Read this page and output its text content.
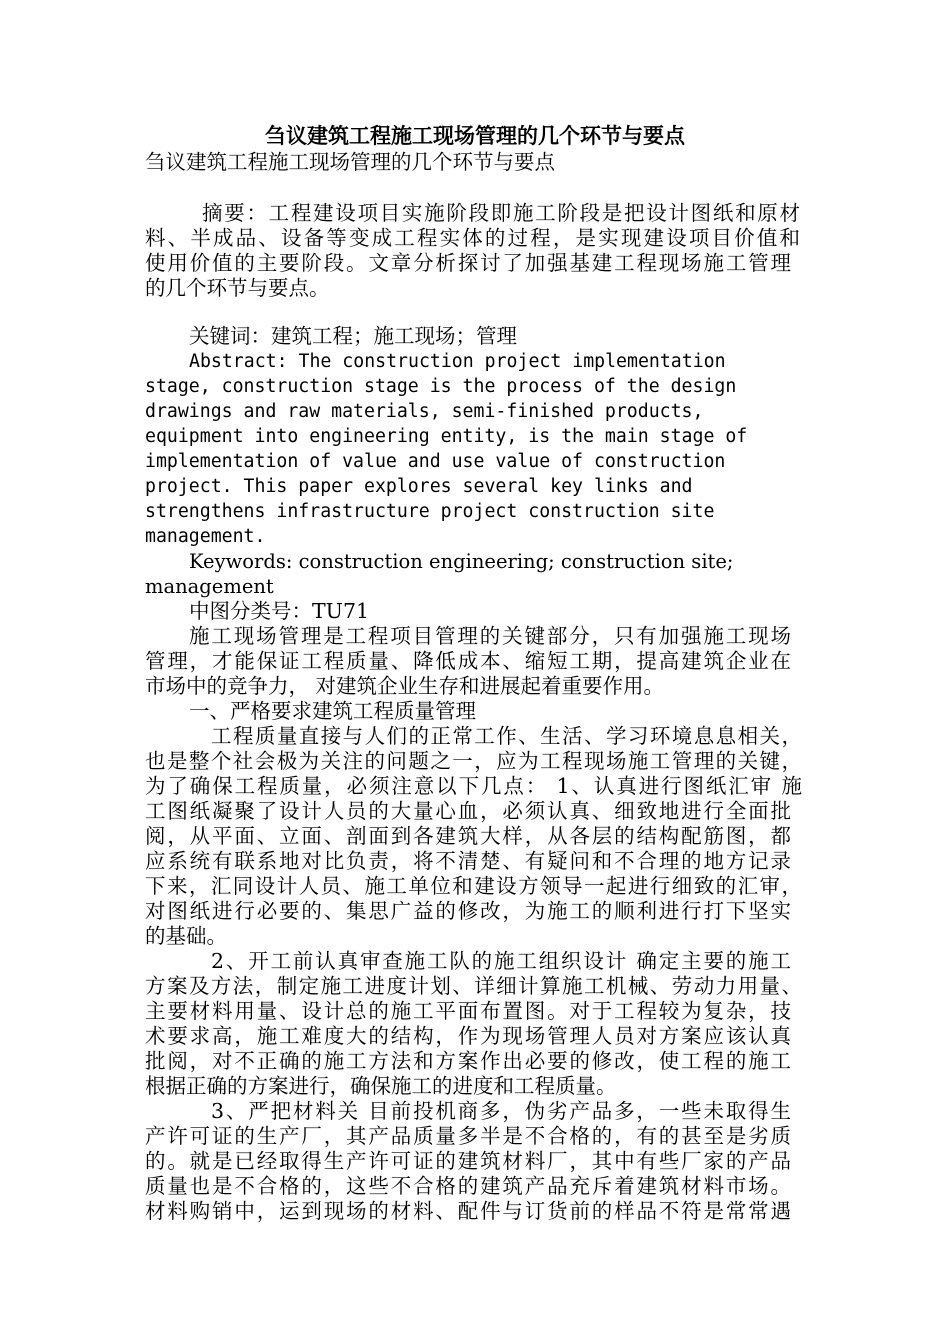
刍议建筑工程施工现场管理的几个环节与要点
刍议建筑工程施工现场管理的几个环节与要点
摘要：工程建设项目实施阶段即施工阶段是把设计图纸和原材
料、半成品、设备等变成工程实体的过程，是实现建设项目价值和
使用价值的主要阶段。文章分析探讨了加强基建工程现场施工管理
的几个环节与要点。
关键词：建筑工程；施工现场；管理
Abstract: The construction project implementation
stage, construction stage is the process of the design
drawings and raw materials, semi-finished products,
equipment into engineering entity, is the main stage of
implementation of value and use value of construction
project. This paper explores several key links and
strengthens infrastructure project construction site
management.
Keywords: construction engineering; construction site;
management
中图分类号：TU71
施工现场管理是工程项目管理的关键部分，只有加强施工现场
管理，才能保证工程质量、降低成本、缩短工期，提高建筑企业在
市场中的竞争力， 对建筑企业生存和进展起着重要作用。
一、严格要求建筑工程质量管理
工程质量直接与人们的正常工作、生活、学习环境息息相关，
也是整个社会极为关注的问题之一，应为工程现场施工管理的关键，
为了确保工程质量，必须注意以下几点： 1、认真进行图纸汇审 施
工图纸凝聚了设计人员的大量心血，必须认真、细致地进行全面批
阅，从平面、立面、剖面到各建筑大样，从各层的结构配筋图，都
应系统有联系地对比负责，将不清楚、有疑问和不合理的地方记录
下来，汇同设计人员、施工单位和建设方领导一起进行细致的汇审，
对图纸进行必要的、集思广益的修改，为施工的顺利进行打下坚实
的基础。
2、开工前认真审查施工队的施工组织设计 确定主要的施工
方案及方法，制定施工进度计划、详细计算施工机械、劳动力用量、
主要材料用量、设计总的施工平面布置图。对于工程较为复杂，技
术要求高，施工难度大的结构，作为现场管理人员对方案应该认真
批阅，对不正确的施工方法和方案作出必要的修改，使工程的施工
根据正确的方案进行，确保施工的进度和工程质量。
3、严把材料关 目前投机商多，伪劣产品多，一些未取得生
产许可证的生产厂，其产品质量多半是不合格的，有的甚至是劣质
的。就是已经取得生产许可证的建筑材料厂，其中有些厂家的产品
质量也是不合格的，这些不合格的建筑产品充斥着建筑材料市场。
材料购销中，运到现场的材料、配件与订货前的样品不符是常常遇
